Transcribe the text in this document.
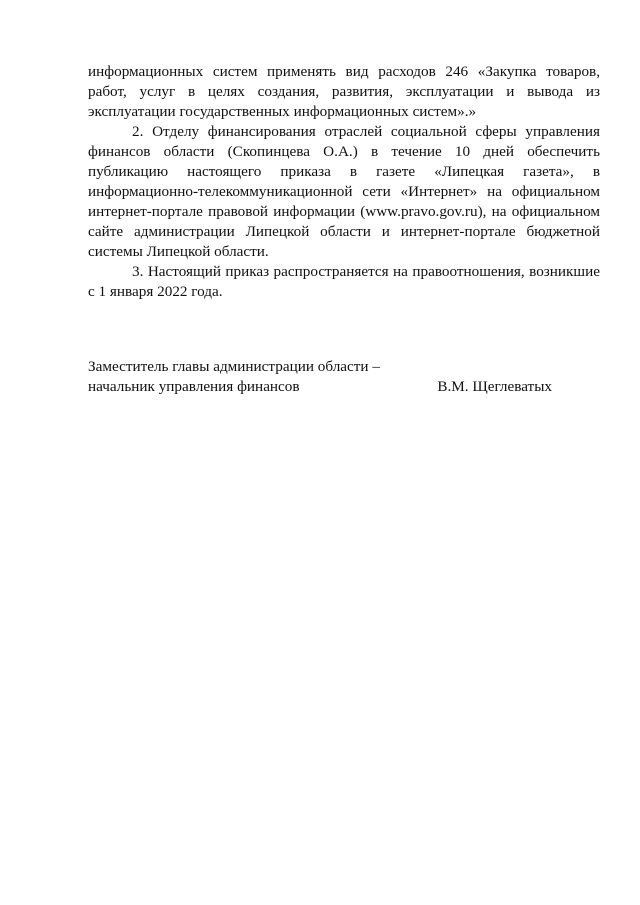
информационных систем применять вид расходов 246 «Закупка товаров, работ, услуг в целях создания, развития, эксплуатации и вывода из эксплуатации государственных информационных систем».»

2. Отделу финансирования отраслей социальной сферы управления финансов области (Скопинцева О.А.) в течение 10 дней обеспечить публикацию настоящего приказа в газете «Липецкая газета», в информационно-телекоммуникационной сети «Интернет» на официальном интернет-портале правовой информации (www.pravo.gov.ru), на официальном сайте администрации Липецкой области и интернет-портале бюджетной системы Липецкой области.

3. Настоящий приказ распространяется на правоотношения, возникшие с 1 января 2022 года.

Заместитель главы администрации области –
начальник управления финансов	В.М. Щеглеватых
